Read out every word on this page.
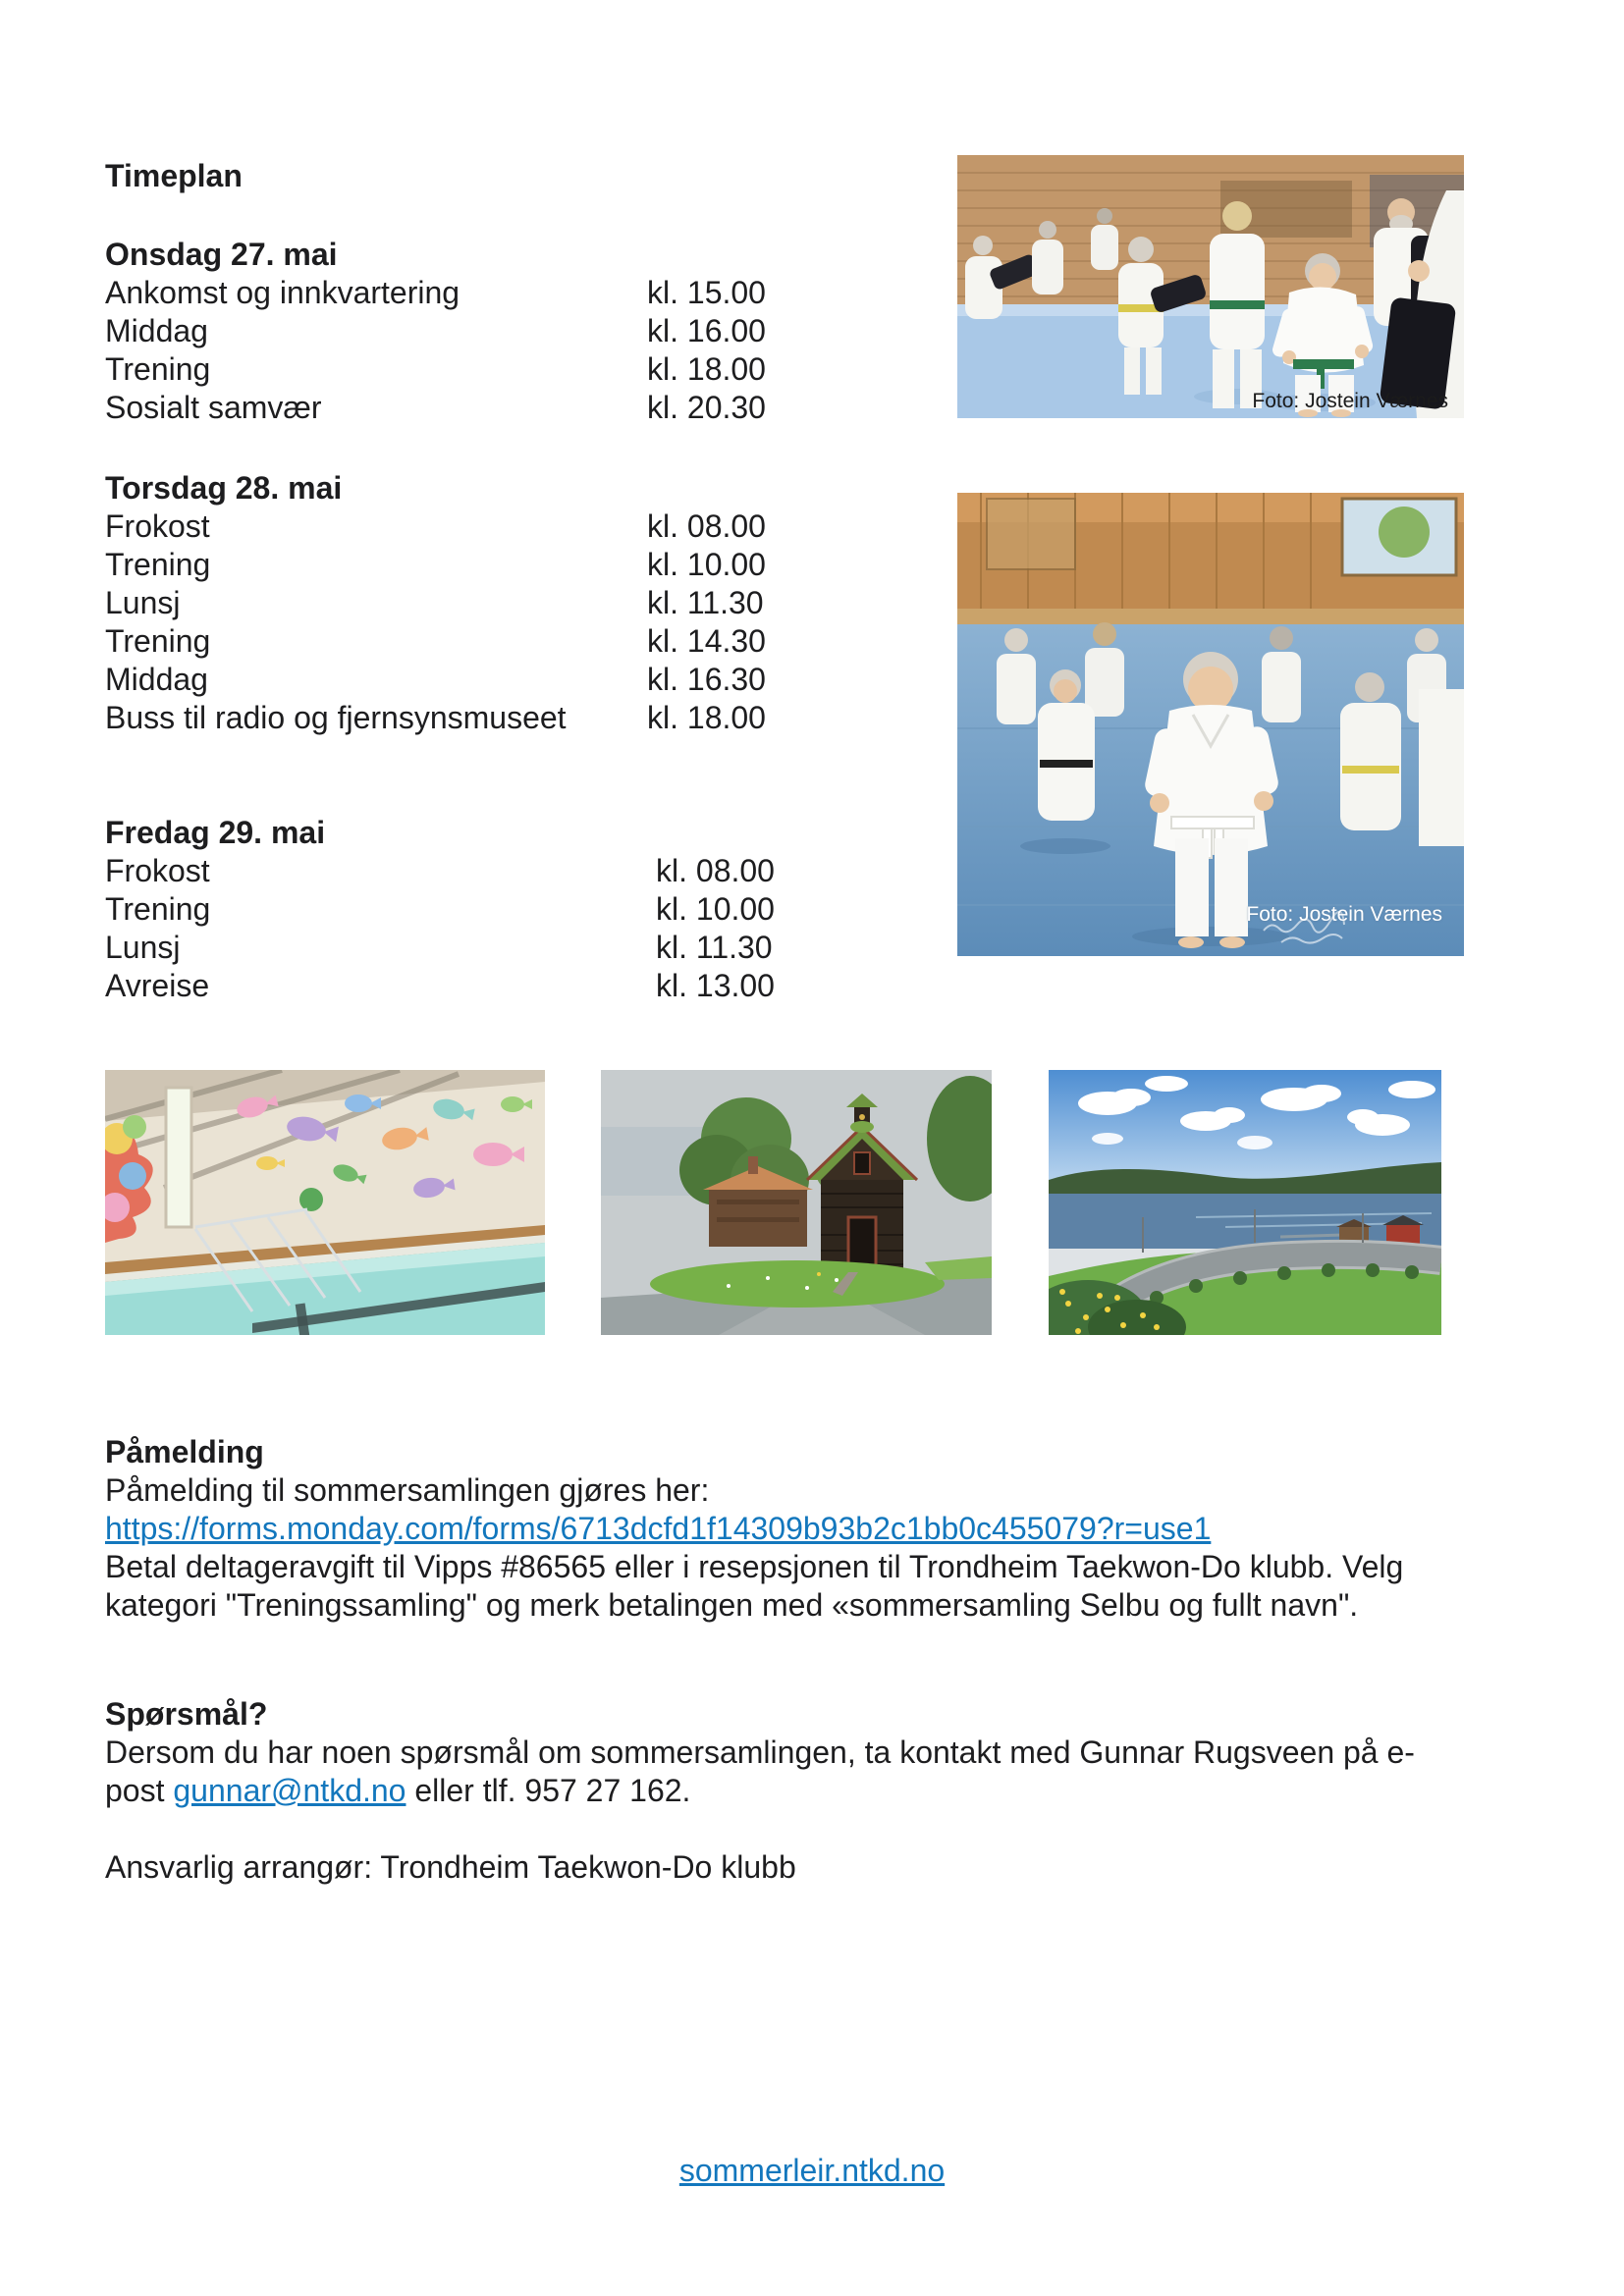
Timeplan
Onsdag 27. mai
Ankomst og innkvartering	kl. 15.00
Middag	kl. 16.00
Trening	kl. 18.00
Sosialt samvær	kl. 20.30
Torsdag 28. mai
Frokost	kl. 08.00
Trening	kl. 10.00
Lunsj	kl. 11.30
Trening	kl. 14.30
Middag	kl. 16.30
Buss til radio og fjernsynsmuseet	kl. 18.00
Fredag 29. mai
Frokost	kl. 08.00
Trening	kl. 10.00
Lunsj	kl. 11.30
Avreise	kl. 13.00
Foto: Jostein Værnes
Foto: Jostein Værnes
Påmelding
Påmelding til sommersamlingen gjøres her:
https://forms.monday.com/forms/6713dcfd1f14309b93b2c1bb0c455079?r=use1
Betal deltageravgift til Vipps #86565 eller i resepsjonen til Trondheim Taekwon-Do klubb. Velg kategori "Treningssamling" og merk betalingen med «sommersamling Selbu og fullt navn".
Spørsmål?
Dersom du har noen spørsmål om sommersamlingen, ta kontakt med Gunnar Rugsveen på e-post gunnar@ntkd.no eller tlf. 957 27 162.
Ansvarlig arrangør: Trondheim Taekwon-Do klubb
sommerleir.ntkd.no
